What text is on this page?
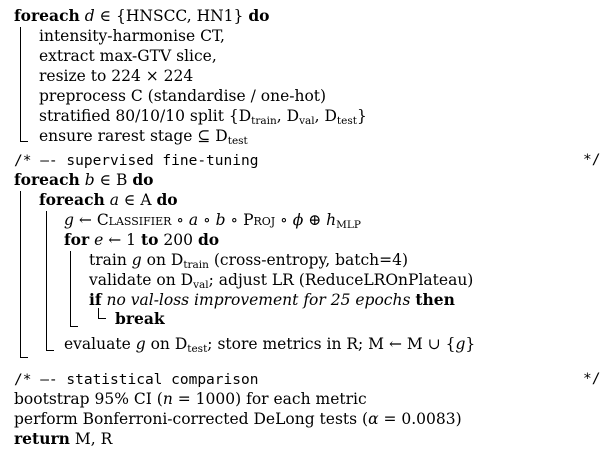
foreach d ∈ {HNSCC, HN1} do
intensity-harmonise CT,
extract max-GTV slice,
resize to 224 × 224
preprocess C (standardise / one-hot)
stratified 80/10/10 split {$D_{train}$, $D_{val}$, $D_{test}$}
ensure rarest stage ⊆ $D_{test}$
/* –- supervised fine-tuning	*/
foreach b ∈ B do
foreach a ∈ A do
g ← Classifier ∘ a ∘ b ∘ Proj ∘ ϕ ⊕ $h_{MLP}$
for e ← 1 to 200 do
train g on $D_{train}$ (cross-entropy, batch=4)
validate on $D_{val}$; adjust LR (ReduceLROnPlateau)
if no val-loss improvement for 25 epochs then
break
evaluate g on $D_{test}$; store metrics in R; M ← M ∪ {g}
/* –- statistical comparison	*/
bootstrap 95% CI (n = 1000) for each metric
perform Bonferroni-corrected DeLong tests (α = 0.0083)
return M, R
